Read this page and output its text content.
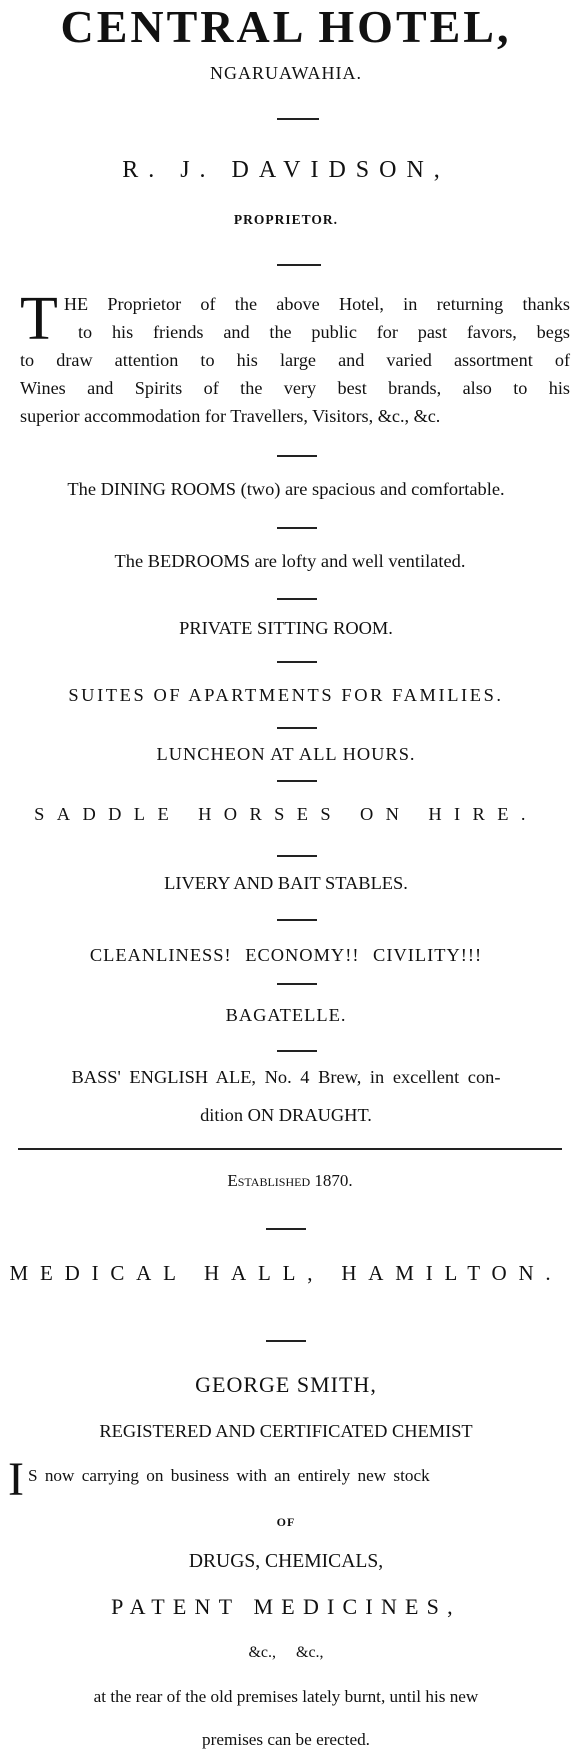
CENTRAL HOTEL,
NGARUAWAHIA.
R. J. DAVIDSON,
PROPRIETOR.
T HE Proprietor of the above Hotel, in returning thanks
to his friends and the public for past favors, begs
to draw attention to his large and varied assortment of
Wines and Spirits of the very best brands, also to his
superior accommodation for Travellers, Visitors, &c., &c.
The DINING ROOMS (two) are spacious and comfortable.
The BEDROOMS are lofty and well ventilated.
PRIVATE SITTING ROOM.
SUITES OF APARTMENTS FOR FAMILIES.
LUNCHEON AT ALL HOURS.
SADDLE HORSES ON HIRE.
LIVERY AND BAIT STABLES.
CLEANLINESS! ECONOMY!! CIVILITY!!!
BAGATELLE.
BASS' ENGLISH ALE, No. 4 Brew, in excellent con-
dition ON DRAUGHT.
Established 1870.
MEDICAL HALL, HAMILTON.
GEORGE SMITH,
REGISTERED AND CERTIFICATED CHEMIST
I S now carrying on business with an entirely new stock
OF
DRUGS, CHEMICALS,
PATENT MEDICINES,
&c.,     &c.,
at the rear of the old premises lately burnt, until his new
premises can be erected.
